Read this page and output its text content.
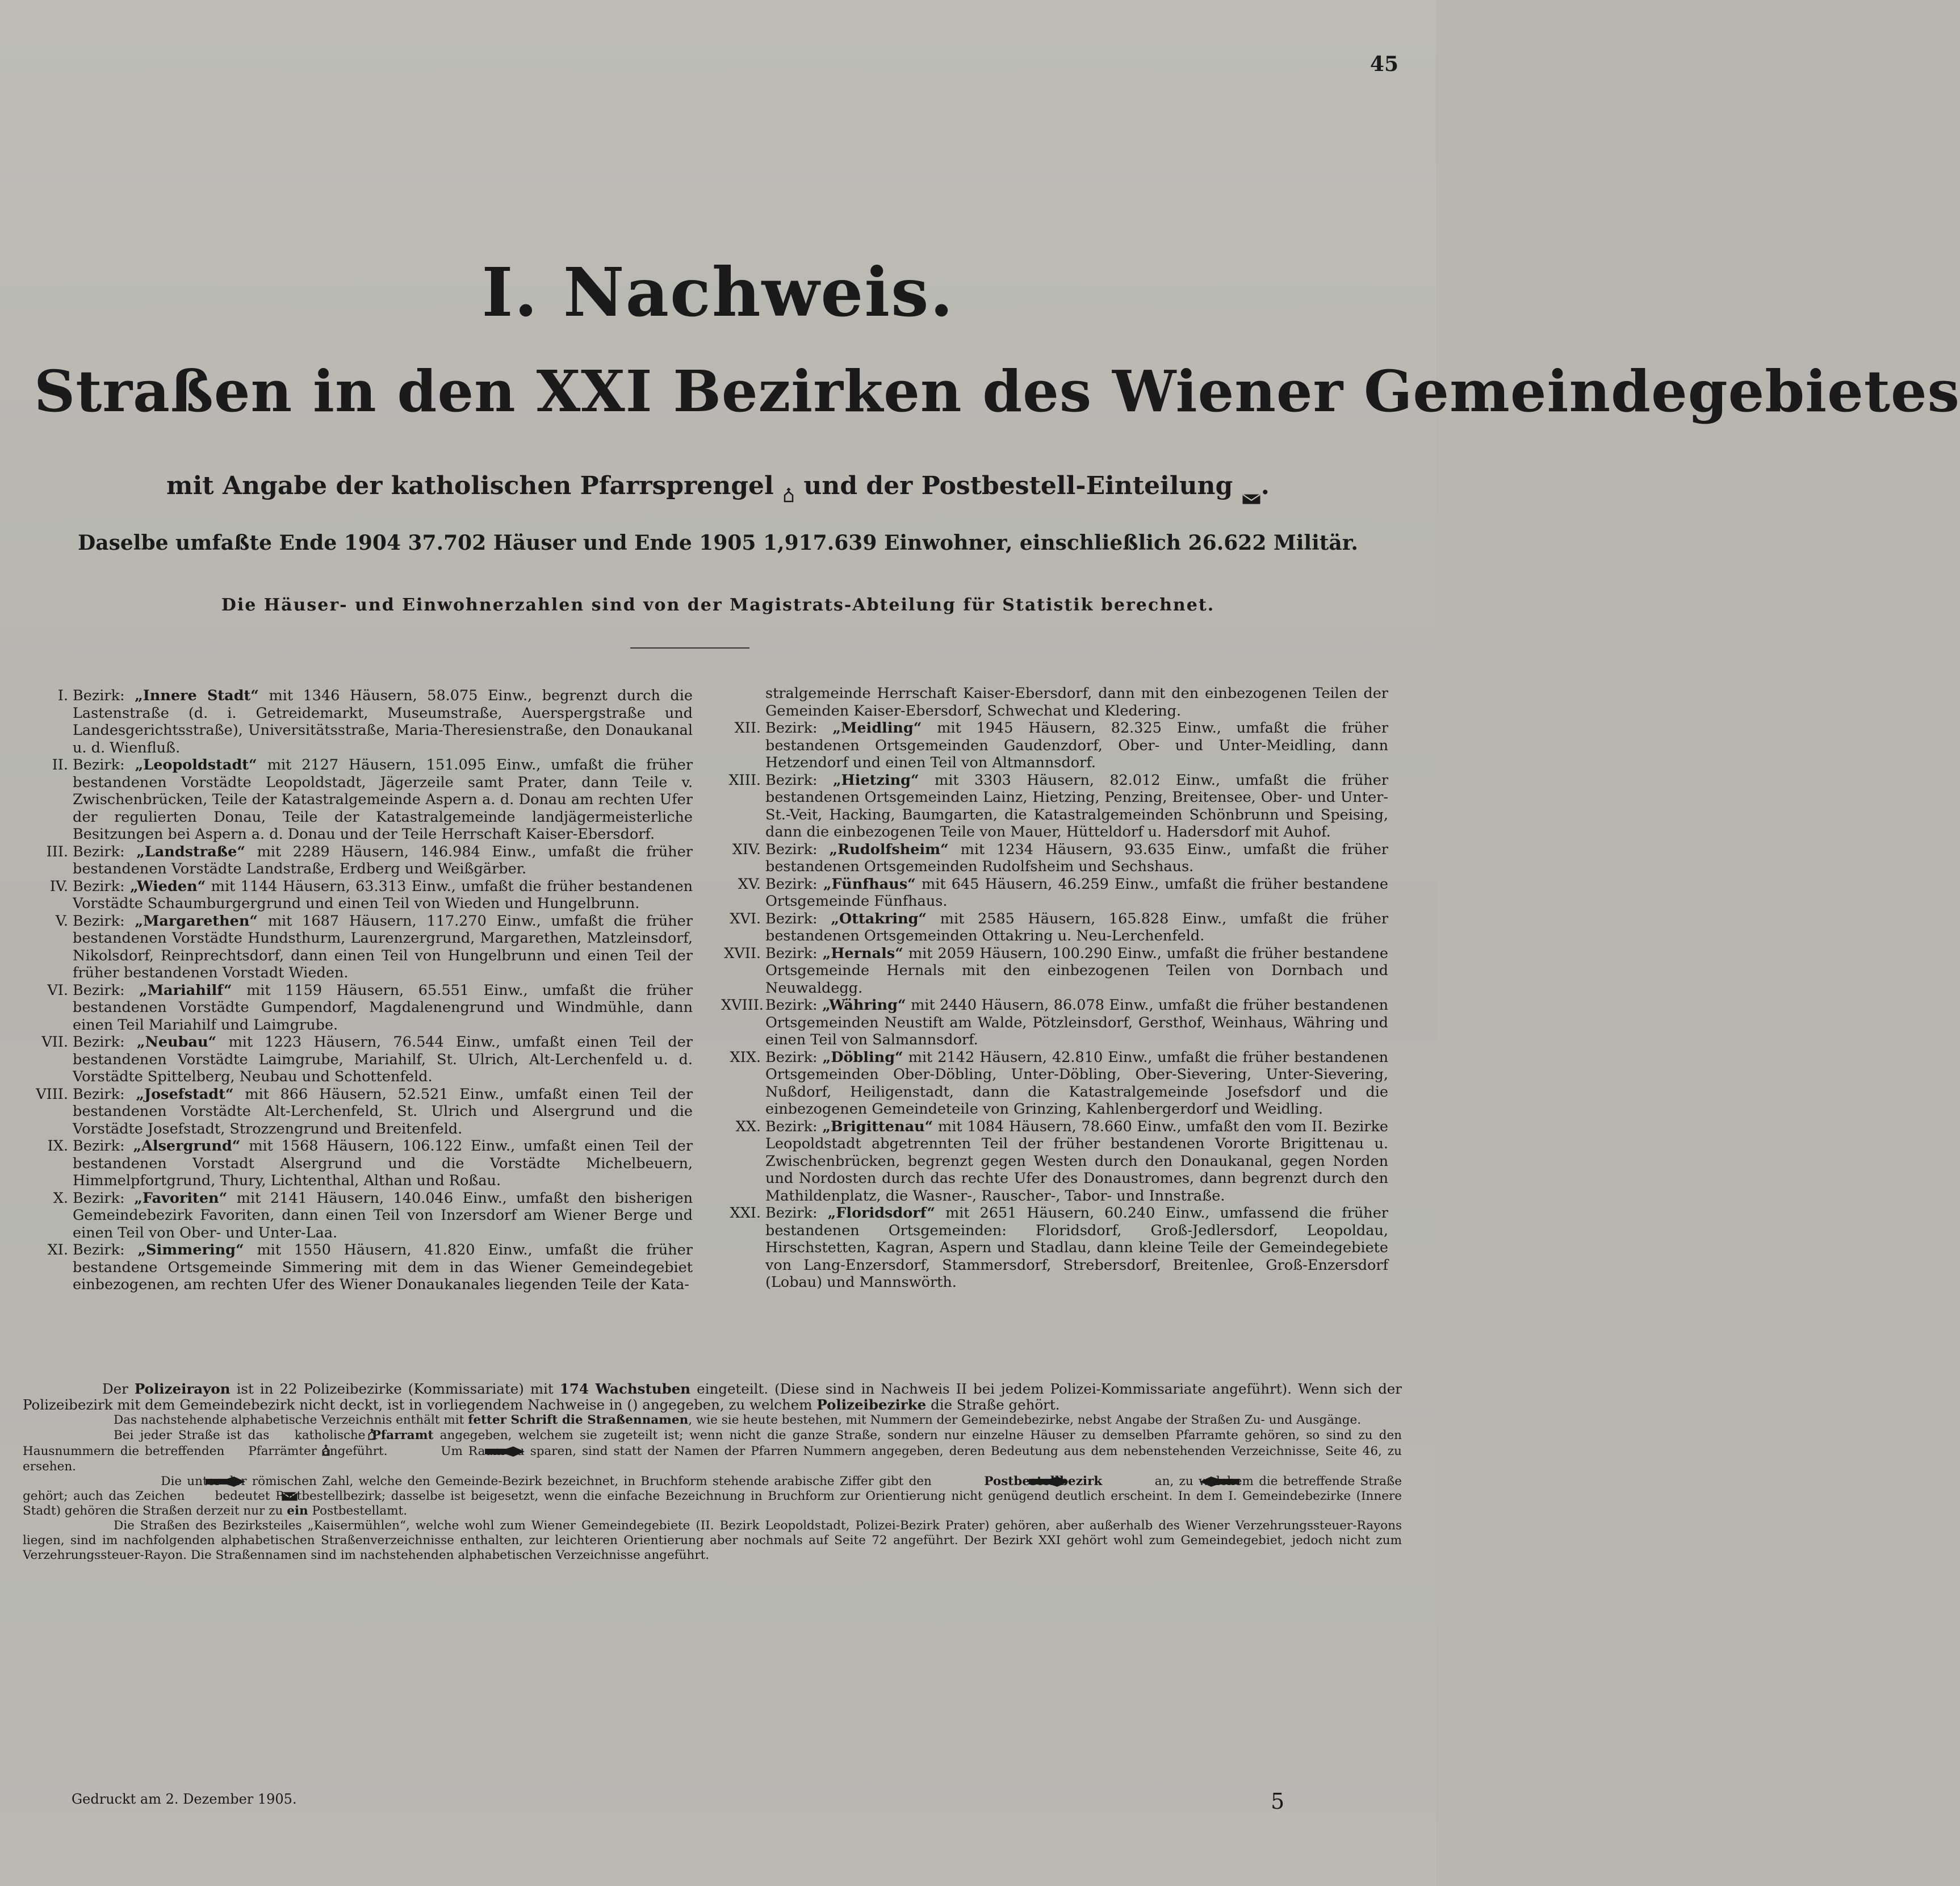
45
I. Nachweis.
Straßen in den XXI Bezirken des Wiener Gemeindegebietes
mit Angabe der katholischen Pfarrsprengel und der Postbestell-Einteilung .
Daselbe umfaßte Ende 1904 37.702 Häuser und Ende 1905 1,917.639 Einwohner, einschließlich 26.622 Militär.
Die Häuser- und Einwohnerzahlen sind von der Magistrats-Abteilung für Statistik berechnet.

I. Bezirk: „Innere Stadt“ mit 1346 Häusern, 58.075 Einw., begrenzt durch die Lastenstraße (d. i. Getreidemarkt, Museumstraße, Auerspergstraße und Landesgerichtsstraße), Universitätsstraße, Maria-Theresienstraße, den Donaukanal u. d. Wienfluß.

II. Bezirk: „Leopoldstadt“ mit 2127 Häusern, 151.095 Einw., umfaßt die früher bestandenen Vorstädte Leopoldstadt, Jägerzeile samt Prater, dann Teile v. Zwischenbrücken, Teile der Katastralgemeinde Aspern a. d. Donau am rechten Ufer der regulierten Donau, Teile der Katastralgemeinde landjägermeisterliche Besitzungen bei Aspern a. d. Donau und der Teile Herrschaft Kaiser-Ebersdorf.

III. Bezirk: „Landstraße“ mit 2289 Häusern, 146.984 Einw., umfaßt die früher bestandenen Vorstädte Landstraße, Erdberg und Weißgärber.

IV. Bezirk: „Wieden“ mit 1144 Häusern, 63.313 Einw., umfaßt die früher bestandenen Vorstädte Schaumburgergrund und einen Teil von Wieden und Hungelbrunn.

V. Bezirk: „Margarethen“ mit 1687 Häusern, 117.270 Einw., umfaßt die früher bestandenen Vorstädte Hundsthurm, Laurenzergrund, Margarethen, Matzleinsdorf, Nikolsdorf, Reinprechtsdorf, dann einen Teil von Hungelbrunn und einen Teil der früher bestandenen Vorstadt Wieden.

VI. Bezirk: „Mariahilf“ mit 1159 Häusern, 65.551 Einw., umfaßt die früher bestandenen Vorstädte Gumpendorf, Magdalenengrund und Windmühle, dann einen Teil Mariahilf und Laimgrube.

VII. Bezirk: „Neubau“ mit 1223 Häusern, 76.544 Einw., umfaßt einen Teil der bestandenen Vorstädte Laimgrube, Mariahilf, St. Ulrich, Alt-Lerchenfeld u. d. Vorstädte Spittelberg, Neubau und Schottenfeld.

VIII. Bezirk: „Josefstadt“ mit 866 Häusern, 52.521 Einw., umfaßt einen Teil der bestandenen Vorstädte Alt-Lerchenfeld, St. Ulrich und Alsergrund und die Vorstädte Josefstadt, Strozzengrund und Breitenfeld.

IX. Bezirk: „Alsergrund“ mit 1568 Häusern, 106.122 Einw., umfaßt einen Teil der bestandenen Vorstadt Alsergrund und die Vorstädte Michelbeuern, Himmelpfortgrund, Thury, Lichtenthal, Althan und Roßau.

X. Bezirk: „Favoriten“ mit 2141 Häusern, 140.046 Einw., umfaßt den bisherigen Gemeindebezirk Favoriten, dann einen Teil von Inzersdorf am Wiener Berge und einen Teil von Ober- und Unter-Laa.

XI. Bezirk: „Simmering“ mit 1550 Häusern, 41.820 Einw., umfaßt die früher bestandene Ortsgemeinde Simmering mit dem in das Wiener Gemeindegebiet einbezogenen, am rechten Ufer des Wiener Donaukanales liegenden Teile der Kata-

stralgemeinde Herrschaft Kaiser-Ebersdorf, dann mit den einbezogenen Teilen der Gemeinden Kaiser-Ebersdorf, Schwechat und Kledering.

XII. Bezirk: „Meidling“ mit 1945 Häusern, 82.325 Einw., umfaßt die früher bestandenen Ortsgemeinden Gaudenzdorf, Ober- und Unter-Meidling, dann Hetzendorf und einen Teil von Altmannsdorf.

XIII. Bezirk: „Hietzing“ mit 3303 Häusern, 82.012 Einw., umfaßt die früher bestandenen Ortsgemeinden Lainz, Hietzing, Penzing, Breitensee, Ober- und Unter-St.-Veit, Hacking, Baumgarten, die Katastralgemeinden Schönbrunn und Speising, dann die einbezogenen Teile von Mauer, Hütteldorf u. Hadersdorf mit Auhof.

XIV. Bezirk: „Rudolfsheim“ mit 1234 Häusern, 93.635 Einw., umfaßt die früher bestandenen Ortsgemeinden Rudolfsheim und Sechshaus.

XV. Bezirk: „Fünfhaus“ mit 645 Häusern, 46.259 Einw., umfaßt die früher bestandene Ortsgemeinde Fünfhaus.

XVI. Bezirk: „Ottakring“ mit 2585 Häusern, 165.828 Einw., umfaßt die früher bestandenen Ortsgemeinden Ottakring u. Neu-Lerchenfeld.

XVII. Bezirk: „Hernals“ mit 2059 Häusern, 100.290 Einw., umfaßt die früher bestandene Ortsgemeinde Hernals mit den einbezogenen Teilen von Dornbach und Neuwaldegg.

XVIII. Bezirk: „Währing“ mit 2440 Häusern, 86.078 Einw., umfaßt die früher bestandenen Ortsgemeinden Neustift am Walde, Pötzleinsdorf, Gersthof, Weinhaus, Währing und einen Teil von Salmannsdorf.

XIX. Bezirk: „Döbling“ mit 2142 Häusern, 42.810 Einw., umfaßt die früher bestandenen Ortsgemeinden Ober-Döbling, Unter-Döbling, Ober-Sievering, Unter-Sievering, Nußdorf, Heiligenstadt, dann die Katastralgemeinde Josefsdorf und die einbezogenen Gemeindeteile von Grinzing, Kahlenbergerdorf und Weidling.

XX. Bezirk: „Brigittenau“ mit 1084 Häusern, 78.660 Einw., umfaßt den vom II. Bezirke Leopoldstadt abgetrennten Teil der früher bestandenen Vororte Brigittenau u. Zwischenbrücken, begrenzt gegen Westen durch den Donaukanal, gegen Norden und Nordosten durch das rechte Ufer des Donaustromes, dann begrenzt durch den Mathildenplatz, die Wasner-, Rauscher-, Tabor- und Innstraße.

XXI. Bezirk: „Floridsdorf“ mit 2651 Häusern, 60.240 Einw., umfassend die früher bestandenen Ortsgemeinden: Floridsdorf, Groß-Jedlersdorf, Leopoldau, Hirschstetten, Kagran, Aspern und Stadlau, dann kleine Teile der Gemeindegebiete von Lang-Enzersdorf, Stammersdorf, Strebersdorf, Breitenlee, Groß-Enzersdorf (Lobau) und Mannswörth.

Der Polizeirayon ist in 22 Polizeibezirke (Kommissariate) mit 174 Wachstuben eingeteilt. (Diese sind in Nachweis II bei jedem Polizei-Kommissariate angeführt). Wenn sich der Polizeibezirk mit dem Gemeindebezirk nicht deckt, ist in vorliegendem Nachweise in () angegeben, zu welchem Polizeibezirke die Straße gehört.

Das nachstehende alphabetische Verzeichnis enthält mit fetter Schrift die Straßennamen, wie sie heute bestehen, mit Nummern der Gemeindebezirke, nebst Angabe der Straßen Zu- und Ausgänge.

Bei jeder Straße ist das katholische Pfarramt angegeben, welchem sie zugeteilt ist; wenn nicht die ganze Straße, sondern nur einzelne Häuser zu demselben Pfarramte gehören, so sind zu den Hausnummern die betreffenden Pfarrämter angeführt.	Um Raum zu sparen, sind statt der Namen der Pfarren Nummern angegeben, deren Bedeutung aus dem nebenstehenden Verzeichnisse, Seite 46, zu ersehen.

Die unter der römischen Zahl, welche den Gemeinde-Bezirk bezeichnet, in Bruchform stehende arabische Ziffer gibt den	Postbestellbezirk	an, zu welchem die betreffende Straße gehört; auch das Zeichen bedeutet Postbestellbezirk; dasselbe ist beigesetzt, wenn die einfache Bezeichnung in Bruchform zur Orientierung nicht genügend deutlich erscheint. In dem I. Gemeindebezirke (Innere Stadt) gehören die Straßen derzeit nur zu ein Postbestellamt.

Die Straßen des Bezirksteiles „Kaisermühlen“, welche wohl zum Wiener Gemeindegebiete (II. Bezirk Leopoldstadt, Polizei-Bezirk Prater) gehören, aber außerhalb des Wiener Verzehrungssteuer-Rayons liegen, sind im nachfolgenden alphabetischen Straßenverzeichnisse enthalten, zur leichteren Orientierung aber nochmals auf Seite 72 angeführt. Der Bezirk XXI gehört wohl zum Gemeindegebiet, jedoch nicht zum Verzehrungssteuer-Rayon. Die Straßennamen sind im nachstehenden alphabetischen Verzeichnisse angeführt.

Gedruckt am 2. Dezember 1905.	5
